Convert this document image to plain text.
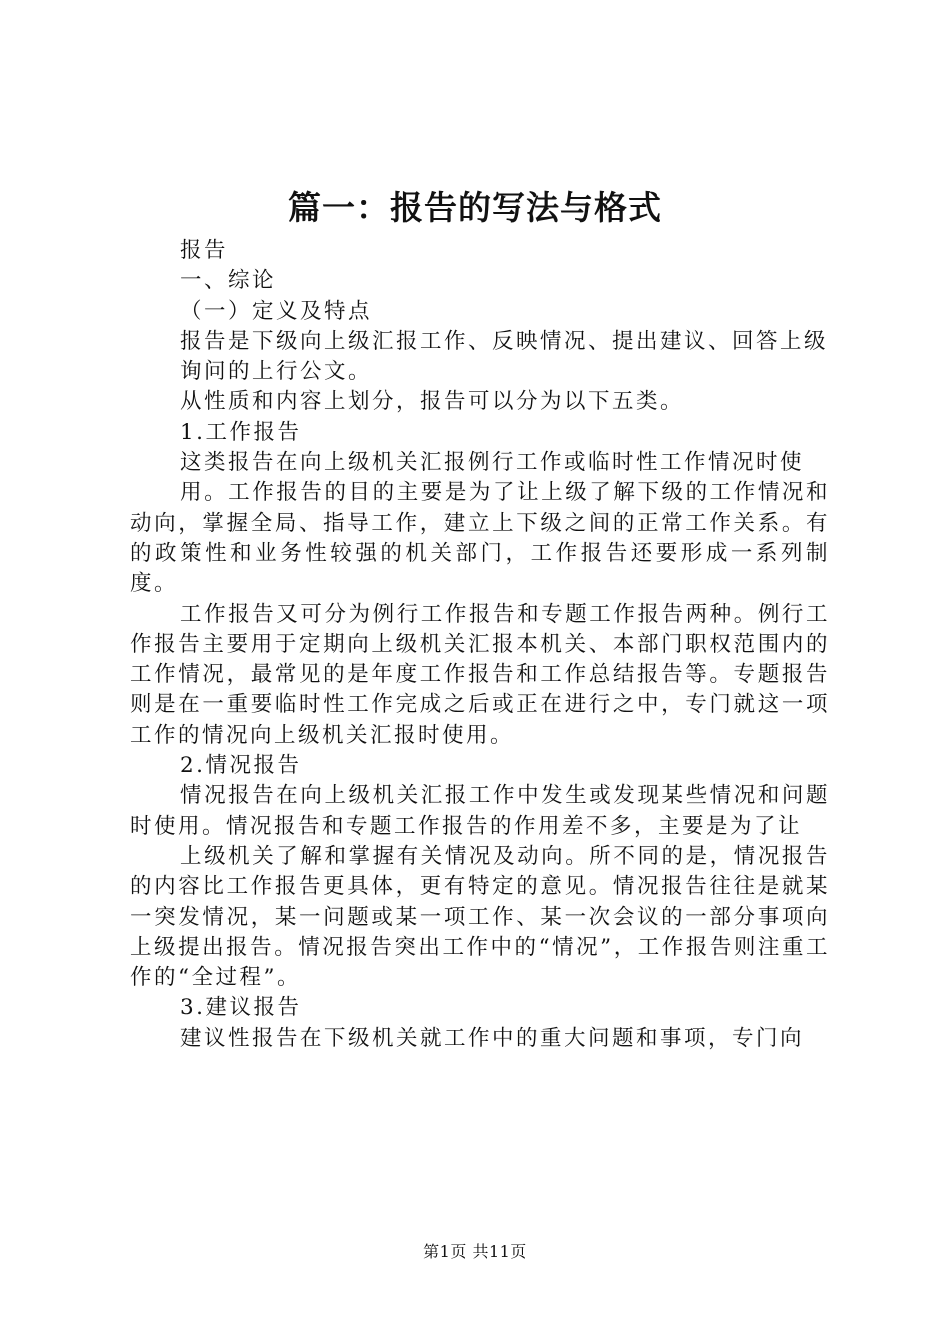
篇一：报告的写法与格式

报告

一、综论

（一）定义及特点

报告是下级向上级汇报工作、反映情况、提出建议、回答上级

询问的上行公文。

从性质和内容上划分，报告可以分为以下五类。

1.工作报告

这类报告在向上级机关汇报例行工作或临时性工作情况时使

用。工作报告的目的主要是为了让上级了解下级的工作情况和动向，掌握全局、指导工作，建立上下级之间的正常工作关系。有的政策性和业务性较强的机关部门，工作报告还要形成一系列制度。

工作报告又可分为例行工作报告和专题工作报告两种。例行工作报告主要用于定期向上级机关汇报本机关、本部门职权范围内的工作情况，最常见的是年度工作报告和工作总结报告等。专题报告则是在一重要临时性工作完成之后或正在进行之中，专门就这一项工作的情况向上级机关汇报时使用。

2.情况报告

情况报告在向上级机关汇报工作中发生或发现某些情况和问题时使用。情况报告和专题工作报告的作用差不多，主要是为了让

上级机关了解和掌握有关情况及动向。所不同的是，情况报告的内容比工作报告更具体，更有特定的意见。情况报告往往是就某一突发情况，某一问题或某一项工作、某一次会议的一部分事项向上级提出报告。情况报告突出工作中的“情况”，工作报告则注重工作的“全过程”。

3.建议报告

建议性报告在下级机关就工作中的重大问题和事项，专门向

第1页 共11页
